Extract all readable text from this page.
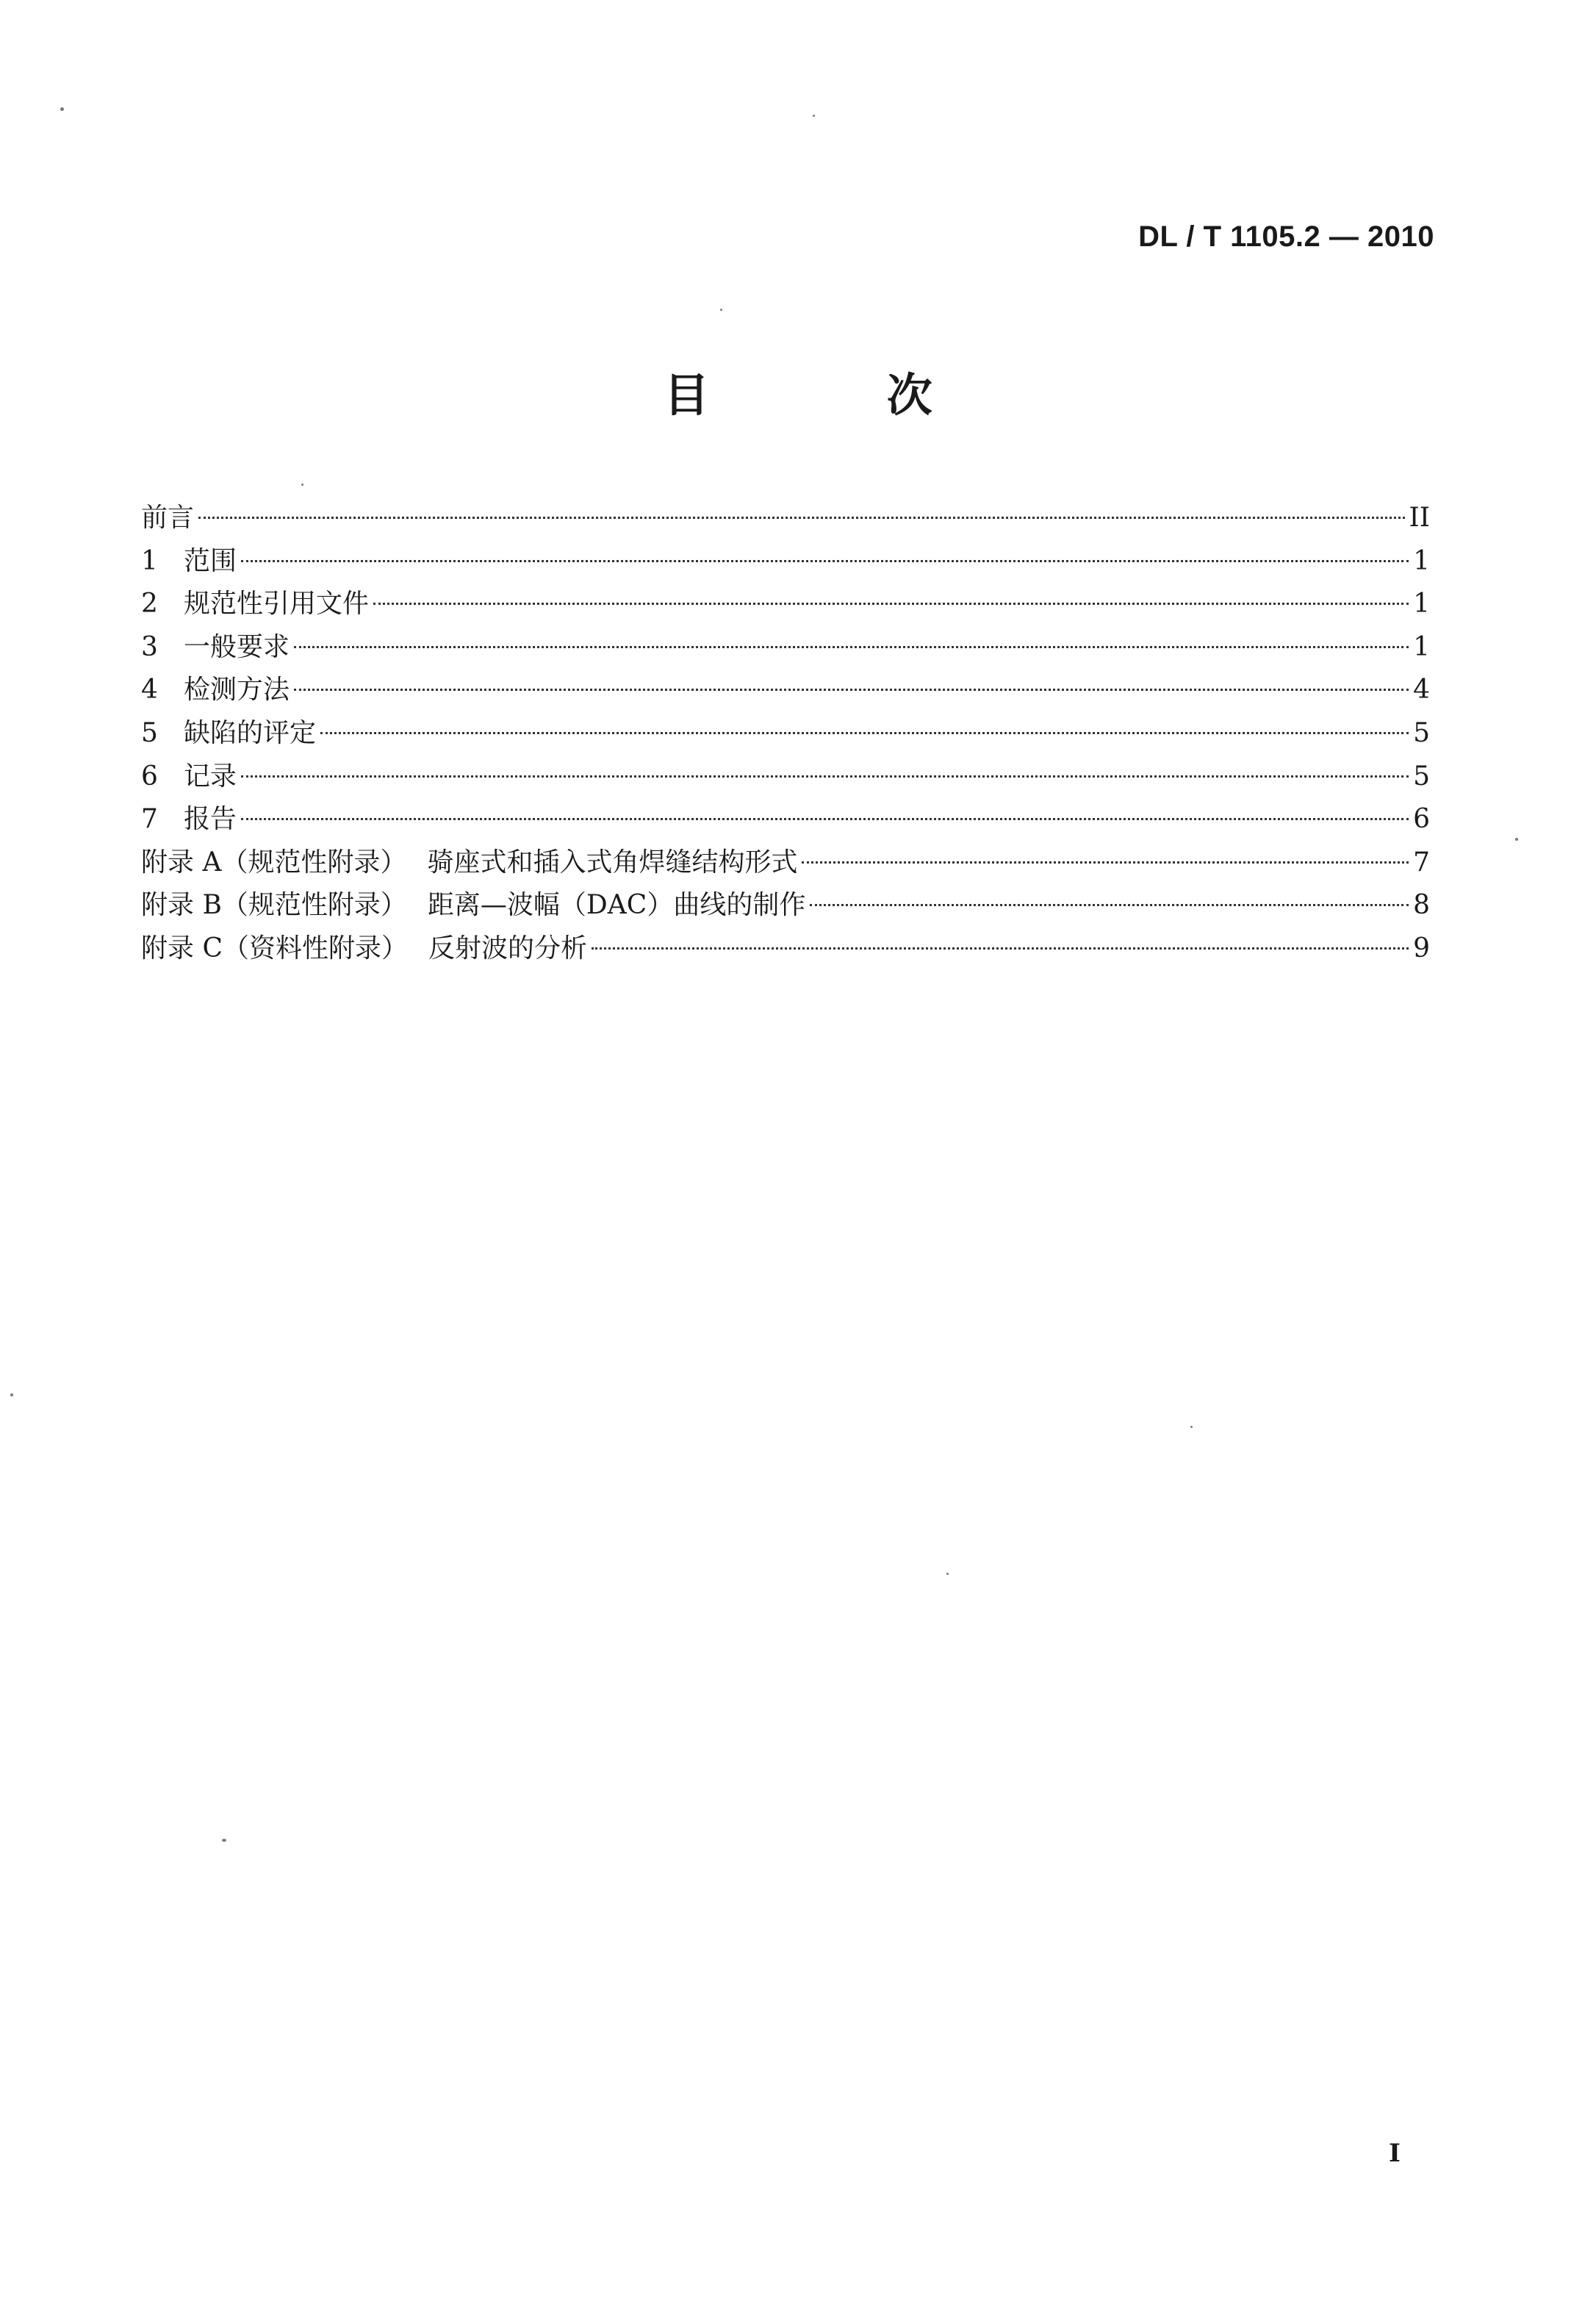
DL / T 1105.2 — 2010
目 次
前言	II
1 范围	1
2 规范性引用文件	1
3 一般要求	1
4 检测方法	4
5 缺陷的评定	5
6 记录	5
7 报告	6
附录 A（规范性附录） 骑座式和插入式角焊缝结构形式	7
附录 B（规范性附录） 距离—波幅（DAC）曲线的制作	8
附录 C（资料性附录） 反射波的分析	9
I
